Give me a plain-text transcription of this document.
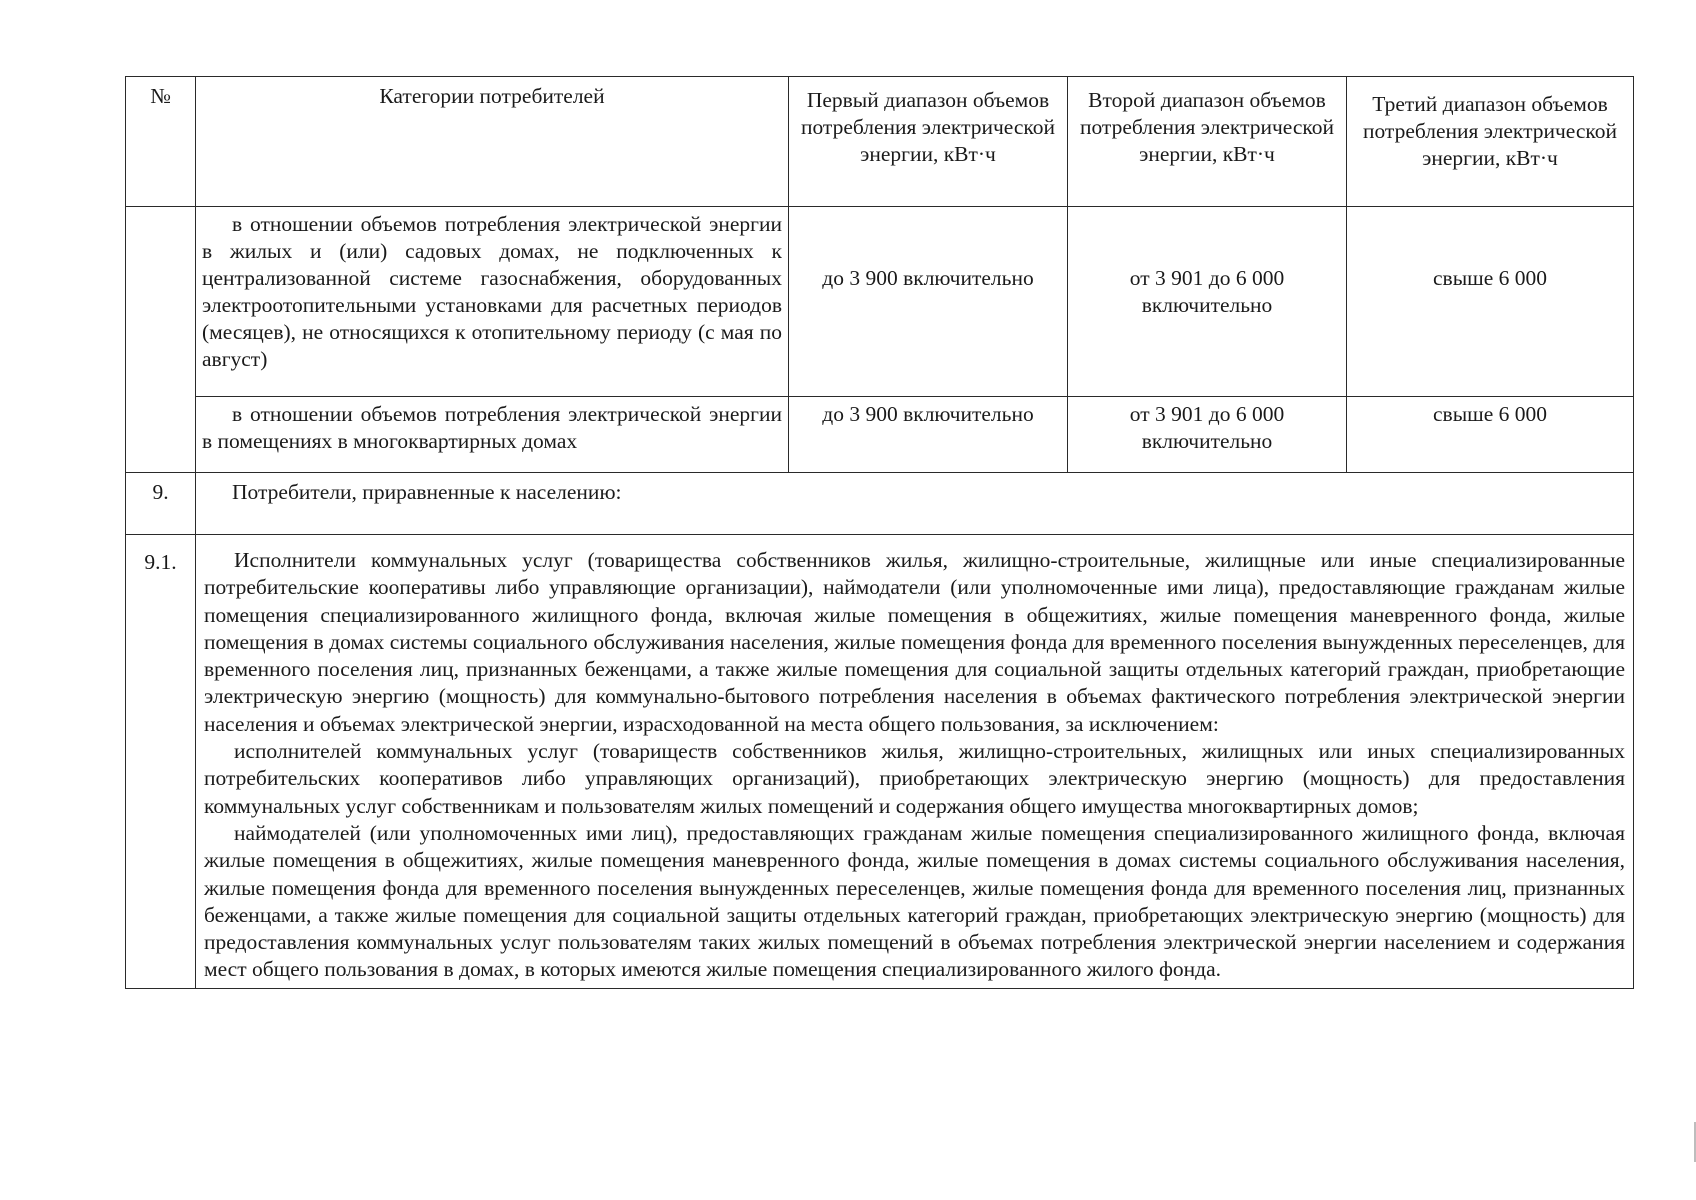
№	Категории потребителей	Первый диапазон объемов потребления электрической энергии, кВт·ч	Второй диапазон объемов потребления электрической энергии, кВт·ч	Третий диапазон объемов потребления электрической энергии, кВт·ч

	в отношении объемов потребления электрической энергии в жилых и (или) садовых домах, не подключенных к централизованной системе газоснабжения, оборудованных электроотопительными установками для расчетных периодов (месяцев), не относящихся к отопительному периоду (с мая по август)	до 3 900 включительно	от 3 901 до 6 000 включительно	свыше 6 000

	в отношении объемов потребления электрической энергии в помещениях в многоквартирных домах	до 3 900 включительно	от 3 901 до 6 000 включительно	свыше 6 000
9.	Потребители, приравненные к населению:			
9.1.	Исполнители коммунальных услуг (товарищества собственников жилья, жилищно-строительные, жилищные или иные специализированные потребительские кооперативы либо управляющие организации), наймодатели (или уполномоченные ими лица), предоставляющие гражданам жилые помещения специализированного жилищного фонда, включая жилые помещения в общежитиях, жилые помещения маневренного фонда, жилые помещения в домах системы социального обслуживания населения, жилые помещения фонда для временного поселения вынужденных переселенцев, для временного поселения лиц, признанных беженцами, а также жилые помещения для социальной защиты отдельных категорий граждан, приобретающие электрическую энергию (мощность) для коммунально-бытового потребления населения в объемах фактического потребления электрической энергии населения и объемах электрической энергии, израсходованной на места общего пользования, за исключением:

исполнителей коммунальных услуг (товариществ собственников жилья, жилищно-строительных, жилищных или иных специализированных потребительских кооперативов либо управляющих организаций), приобретающих электрическую энергию (мощность) для предоставления коммунальных услуг собственникам и пользователям жилых помещений и содержания общего имущества многоквартирных домов;

наймодателей (или уполномоченных ими лиц), предоставляющих гражданам жилые помещения специализированного жилищного фонда, включая жилые помещения в общежитиях, жилые помещения маневренного фонда, жилые помещения в домах системы социального обслуживания населения, жилые помещения фонда для временного поселения вынужденных переселенцев, жилые помещения фонда для временного поселения лиц, признанных беженцами, а также жилые помещения для социальной защиты отдельных категорий граждан, приобретающих электрическую энергию (мощность) для предоставления коммунальных услуг пользователям таких жилых помещений в объемах потребления электрической энергии населением и содержания мест общего пользования в домах, в которых имеются жилые помещения специализированного жилого фонда.			
